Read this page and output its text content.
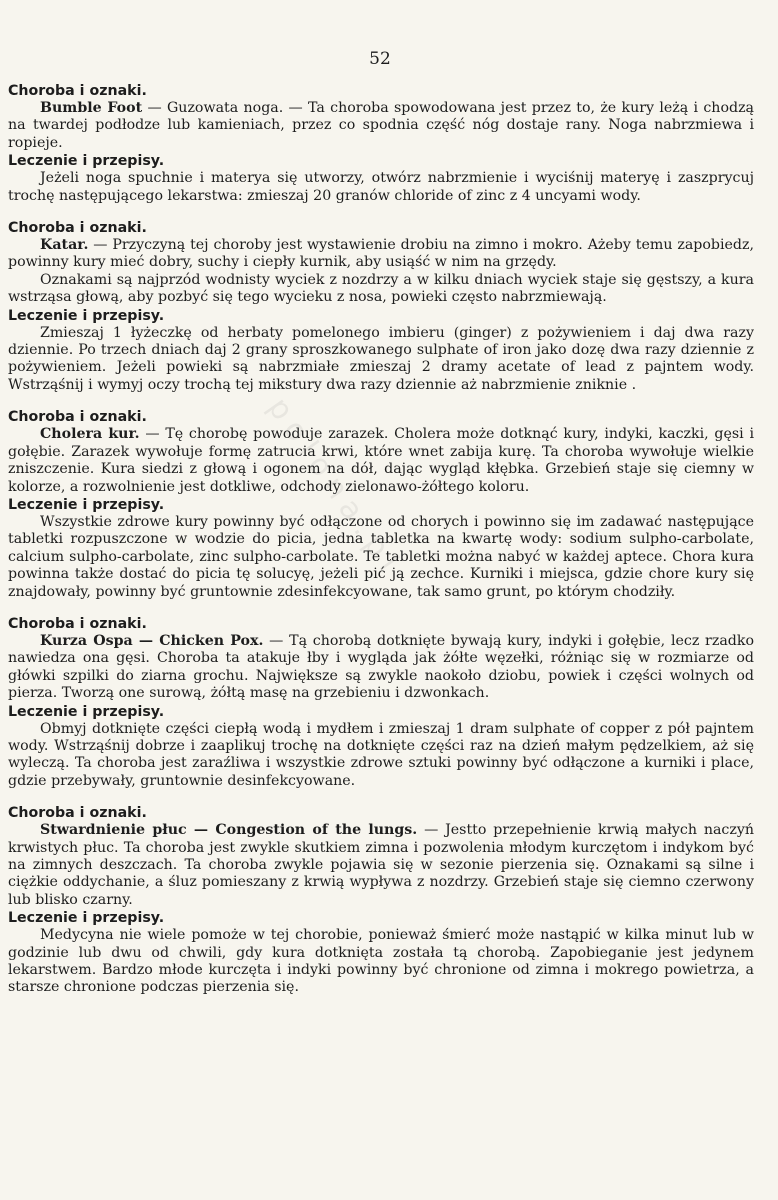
52
polona.pl

Choroba i oznaki.

Bumble Foot — Guzowata noga. — Ta choroba spowodowana jest przez to, że kury leżą i chodzą na twardej podłodze lub kamieniach, przez co spodnia część nóg dostaje rany. Noga nabrzmiewa i ropieje.

Leczenie i przepisy.

Jeżeli noga spuchnie i materya się utworzy, otwórz nabrzmienie i wyciśnij materyę i zaszprycuj trochę następującego lekarstwa: zmieszaj 20 granów chloride of zinc z 4 uncyami wody.

Choroba i oznaki.

Katar. — Przyczyną tej choroby jest wystawienie drobiu na zimno i mokro. Ażeby temu zapobiedz, powinny kury mieć dobry, suchy i ciepły kurnik, aby usiąść w nim na grzędy.

Oznakami są najprzód wodnisty wyciek z nozdrzy a w kilku dniach wyciek staje się gęstszy, a kura wstrząsa głową, aby pozbyć się tego wycieku z nosa, powieki często nabrzmiewają.

Leczenie i przepisy.

Zmieszaj 1 łyżeczkę od herbaty pomelonego imbieru (ginger) z pożywieniem i daj dwa razy dziennie. Po trzech dniach daj 2 grany sproszkowanego sulphate of iron jako dozę dwa razy dziennie z pożywieniem. Jeżeli powieki są nabrzmiałe zmieszaj 2 dramy acetate of lead z pajntem wody. Wstrząśnij i wymyj oczy trochą tej mikstury dwa razy dziennie aż nabrzmienie zniknie .

Choroba i oznaki.

Cholera kur. — Tę chorobę powoduje zarazek. Cholera może dotknąć kury, indyki, kaczki, gęsi i gołębie. Zarazek wywołuje formę zatrucia krwi, które wnet zabija kurę. Ta choroba wywołuje wielkie zniszczenie. Kura siedzi z głową i ogonem na dół, dając wygląd kłębka. Grzebień staje się ciemny w kolorze, a rozwolnienie jest dotkliwe, odchody zielonawo-żółtego koloru.

Leczenie i przepisy.

Wszystkie zdrowe kury powinny być odłączone od chorych i powinno się im zadawać następujące tabletki rozpuszczone w wodzie do picia, jedna tabletka na kwartę wody: sodium sulpho-carbolate, calcium sulpho-carbolate, zinc sulpho-carbolate. Te tabletki można nabyć w każdej aptece. Chora kura powinna także dostać do picia tę solucyę, jeżeli pić ją zechce. Kurniki i miejsca, gdzie chore kury się znajdowały, powinny być gruntownie zdesinfekcyowane, tak samo grunt, po którym chodziły.

Choroba i oznaki.

Kurza Ospa — Chicken Pox. — Tą chorobą dotknięte bywają kury, indyki i gołębie, lecz rzadko nawiedza ona gęsi. Choroba ta atakuje łby i wygląda jak żółte węzełki, różniąc się w rozmiarze od główki szpilki do ziarna grochu. Największe są zwykle naokoło dziobu, powiek i części wolnych od pierza. Tworzą one surową, żółtą masę na grzebieniu i dzwonkach.

Leczenie i przepisy.

Obmyj dotknięte części ciepłą wodą i mydłem i zmieszaj 1 dram sulphate of copper z pół pajntem wody. Wstrząśnij dobrze i zaaplikuj trochę na dotknięte części raz na dzień małym pędzelkiem, aż się wyleczą. Ta choroba jest zaraźliwa i wszystkie zdrowe sztuki powinny być odłączone a kurniki i place, gdzie przebywały, gruntownie desinfekcyowane.

Choroba i oznaki.

Stwardnienie płuc — Congestion of the lungs. — Jestto przepełnienie krwią małych naczyń krwistych płuc. Ta choroba jest zwykle skutkiem zimna i pozwolenia młodym kurczętom i indykom być na zimnych deszczach. Ta choroba zwykle pojawia się w sezonie pierzenia się. Oznakami są silne i ciężkie oddychanie, a śluz pomieszany z krwią wypływa z nozdrzy. Grzebień staje się ciemno czerwony lub blisko czarny.

Leczenie i przepisy.

Medycyna nie wiele pomoże w tej chorobie, ponieważ śmierć może nastąpić w kilka minut lub w godzinie lub dwu od chwili, gdy kura dotknięta została tą chorobą. Zapobieganie jest jedynem lekarstwem. Bardzo młode kurczęta i indyki powinny być chronione od zimna i mokrego powietrza, a starsze chronione podczas pierzenia się.
